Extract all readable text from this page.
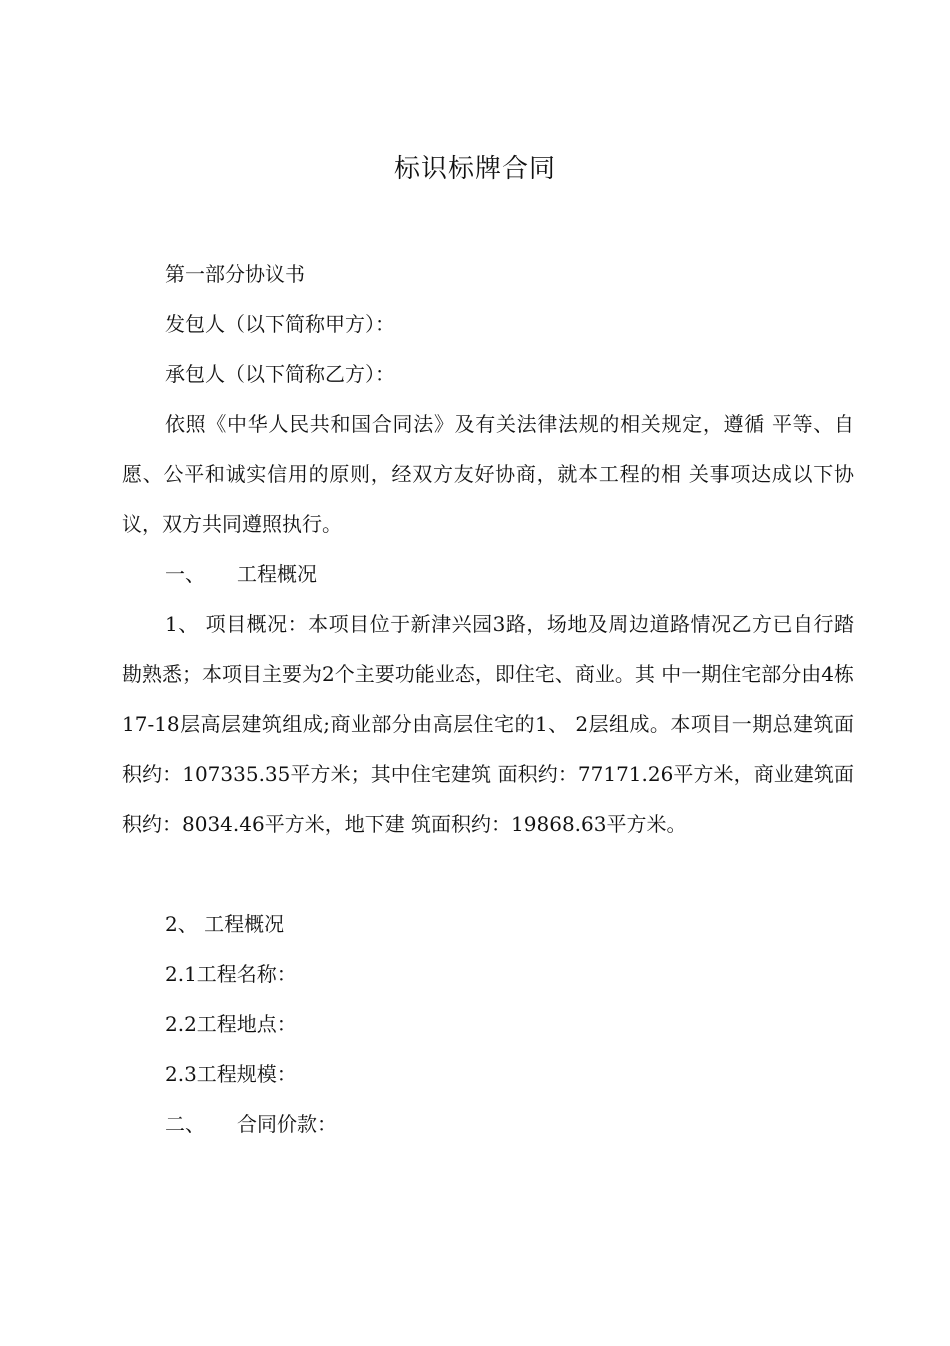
标识标牌合同
第一部分协议书
发包人（以下简称甲方）：
承包人（以下简称乙方）：

依照《中华人民共和国合同法》及有关法律法规的相关规定，遵循 平等、自愿、公平和诚实信用的原则，经双方友好协商，就本工程的相 关事项达成以下协议，双方共同遵照执行。

一、 工程概况

1、 项目概况：本项目位于新津兴园3路，场地及周边道路情况乙方已自行踏勘熟悉；本项目主要为2个主要功能业态，即住宅、商业。其 中一期住宅部分由4栋17-18层高层建筑组成;商业部分由高层住宅的1、 2层组成。本项目一期总建筑面积约：107335.35平方米；其中住宅建筑 面积约：77171.26平方米，商业建筑面积约：8034.46平方米，地下建 筑面积约：19868.63平方米。

2、 工程概况
2.1工程名称：
2.2工程地点：
2.3工程规模：
二、 合同价款：
